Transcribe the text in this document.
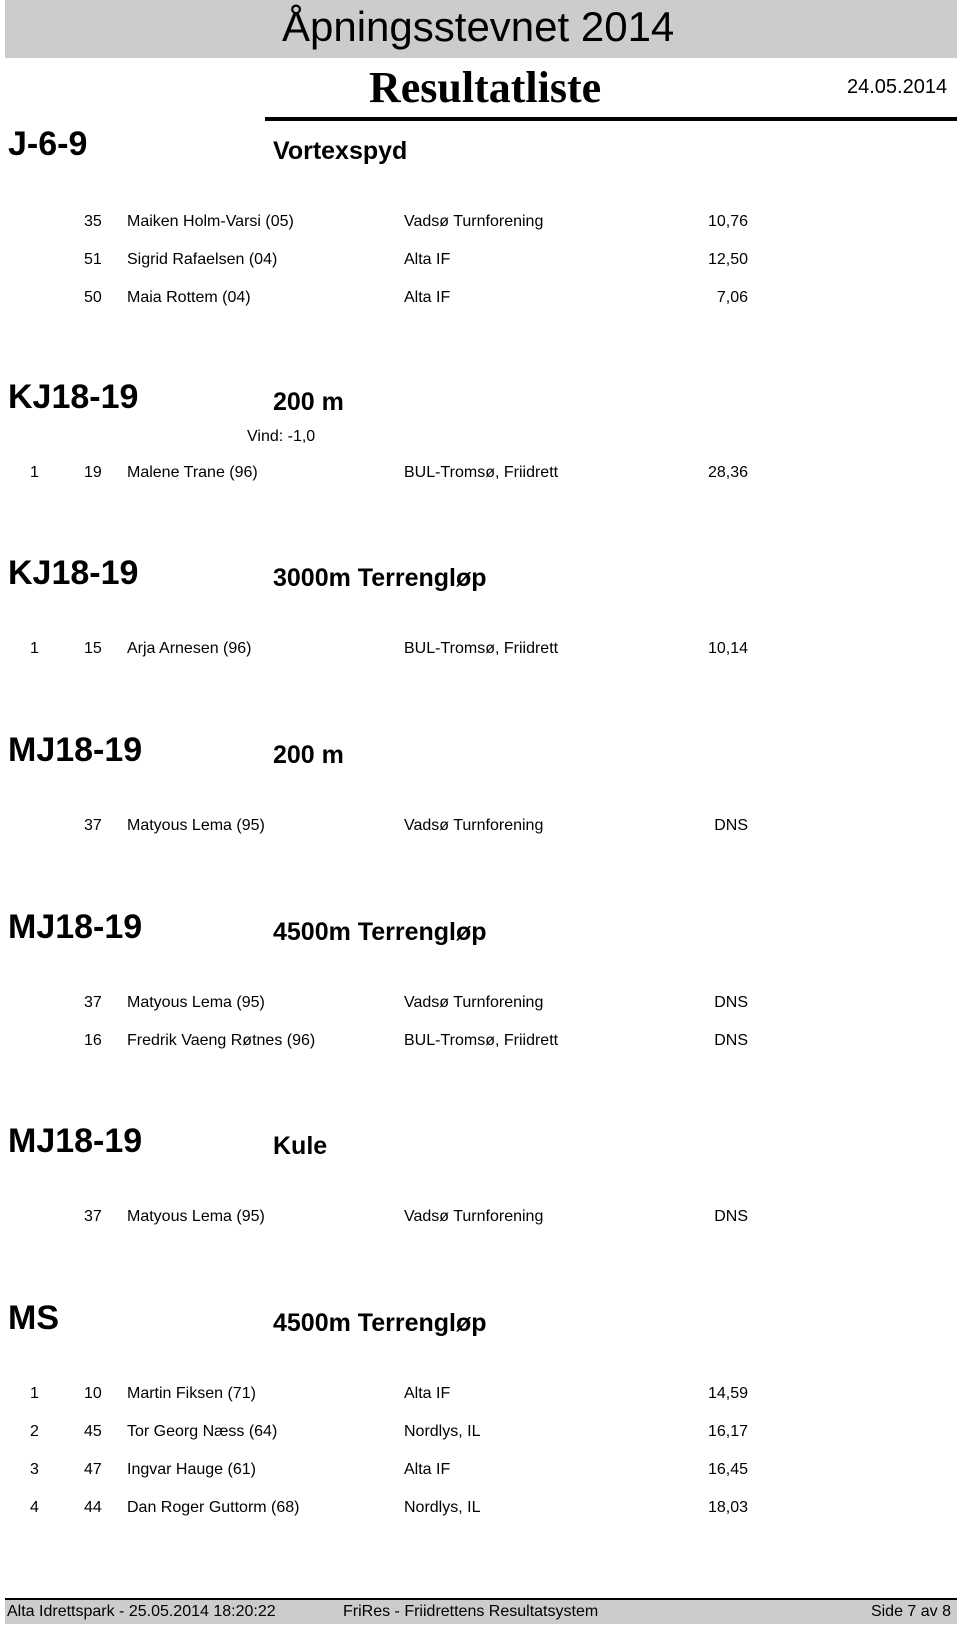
Åpningsstevnet 2014
Resultatliste	24.05.2014
J-6-9	Vortexspyd
35 Maiken Holm-Varsi (05)	Vadsø Turnforening	10,76
51 Sigrid Rafaelsen (04)	Alta IF	12,50
50 Maia Rottem (04)	Alta IF	7,06
KJ18-19	200 m
Vind: -1,0
1	19 Malene Trane (96)	BUL-Tromsø, Friidrett	28,36
KJ18-19	3000m Terrengløp
1	15 Arja Arnesen (96)	BUL-Tromsø, Friidrett	10,14
MJ18-19	200 m
37 Matyous Lema (95)	Vadsø Turnforening	DNS
MJ18-19	4500m Terrengløp
37 Matyous Lema (95)	Vadsø Turnforening	DNS
16 Fredrik Vaeng Røtnes (96)	BUL-Tromsø, Friidrett	DNS
MJ18-19	Kule
37 Matyous Lema (95)	Vadsø Turnforening	DNS
MS	4500m Terrengløp
1	10 Martin Fiksen (71)	Alta IF	14,59
2	45 Tor Georg Næss (64)	Nordlys, IL	16,17
3	47 Ingvar Hauge (61)	Alta IF	16,45
4	44 Dan Roger Guttorm (68)	Nordlys, IL	18,03
Alta Idrettspark - 25.05.2014 18:20:22	FriRes - Friidrettens Resultatsystem	Side 7 av 8
